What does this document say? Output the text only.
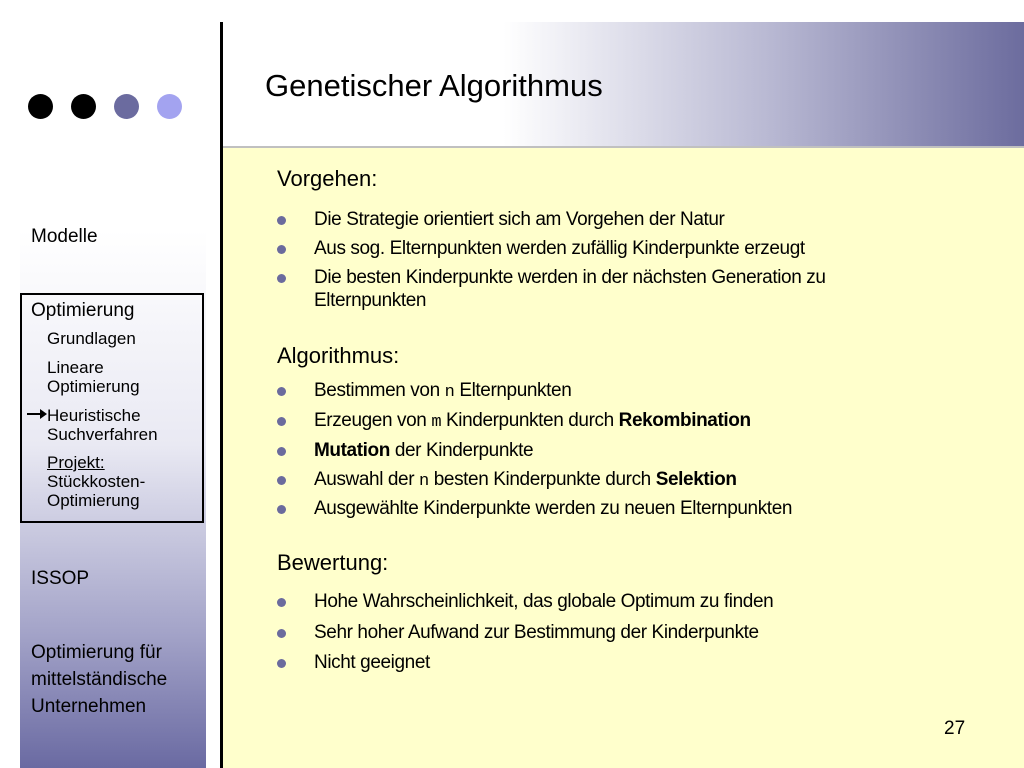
Genetischer Algorithmus
Modelle
Optimierung
Grundlagen
Lineare
Optimierung
Heuristische
Suchverfahren
Projekt:
Stückkosten-
Optimierung
ISSOP
Optimierung für
mittelständische
Unternehmen
Vorgehen:
Die Strategie orientiert sich am Vorgehen der Natur
Aus sog. Elternpunkten werden zufällig Kinderpunkte erzeugt
Die besten Kinderpunkte werden in der nächsten Generation zu
Elternpunkten
Algorithmus:
Bestimmen von n Elternpunkten
Erzeugen von m Kinderpunkten durch Rekombination
Mutation der Kinderpunkte
Auswahl der n besten Kinderpunkte durch Selektion
Ausgewählte Kinderpunkte werden zu neuen Elternpunkten
Bewertung:
Hohe Wahrscheinlichkeit, das globale Optimum zu finden
Sehr hoher Aufwand zur Bestimmung der Kinderpunkte
Nicht geeignet
27
